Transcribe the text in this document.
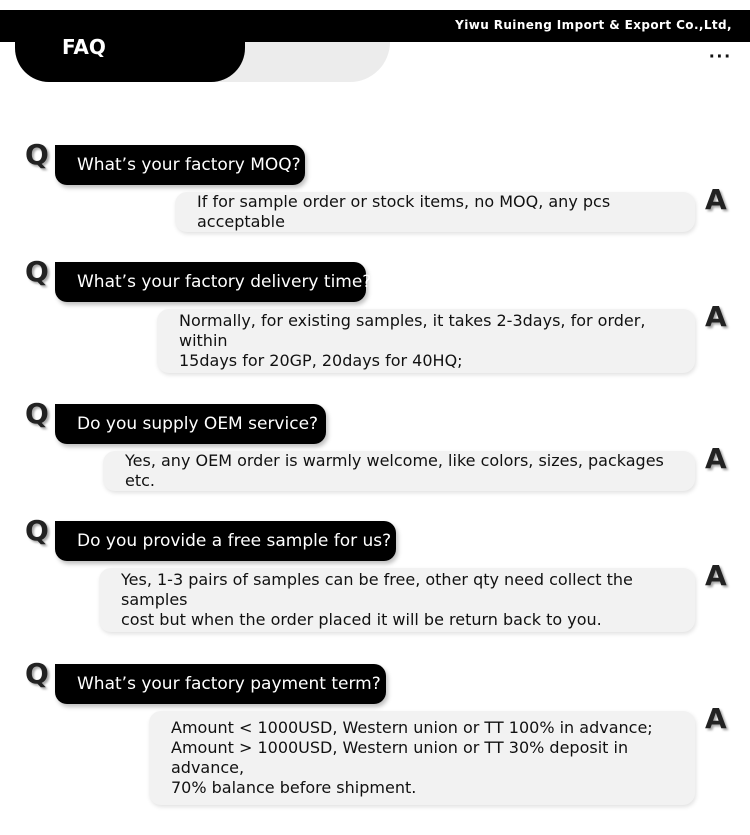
Yiwu Ruineng Import & Export Co.,Ltd,
FAQ	···
Q	What’s your factory MOQ?
If for sample order or stock items, no MOQ, any pcs acceptable
A
Q	What’s your factory delivery time?
Normally, for existing samples, it takes 2-3days, for order, within
15days for 20GP, 20days for 40HQ;
A
Q	Do you supply OEM service?
Yes, any OEM order is warmly welcome, like colors, sizes, packages etc.
A
Q	Do you provide a free sample for us?
Yes, 1-3 pairs of samples can be free, other qty need collect the samples
cost but when the order placed it will be return back to you.
A
Q	What’s your factory payment term?
Amount < 1000USD, Western union or TT 100% in advance;
Amount > 1000USD, Western union or TT 30% deposit in advance,
70% balance before shipment.
A
